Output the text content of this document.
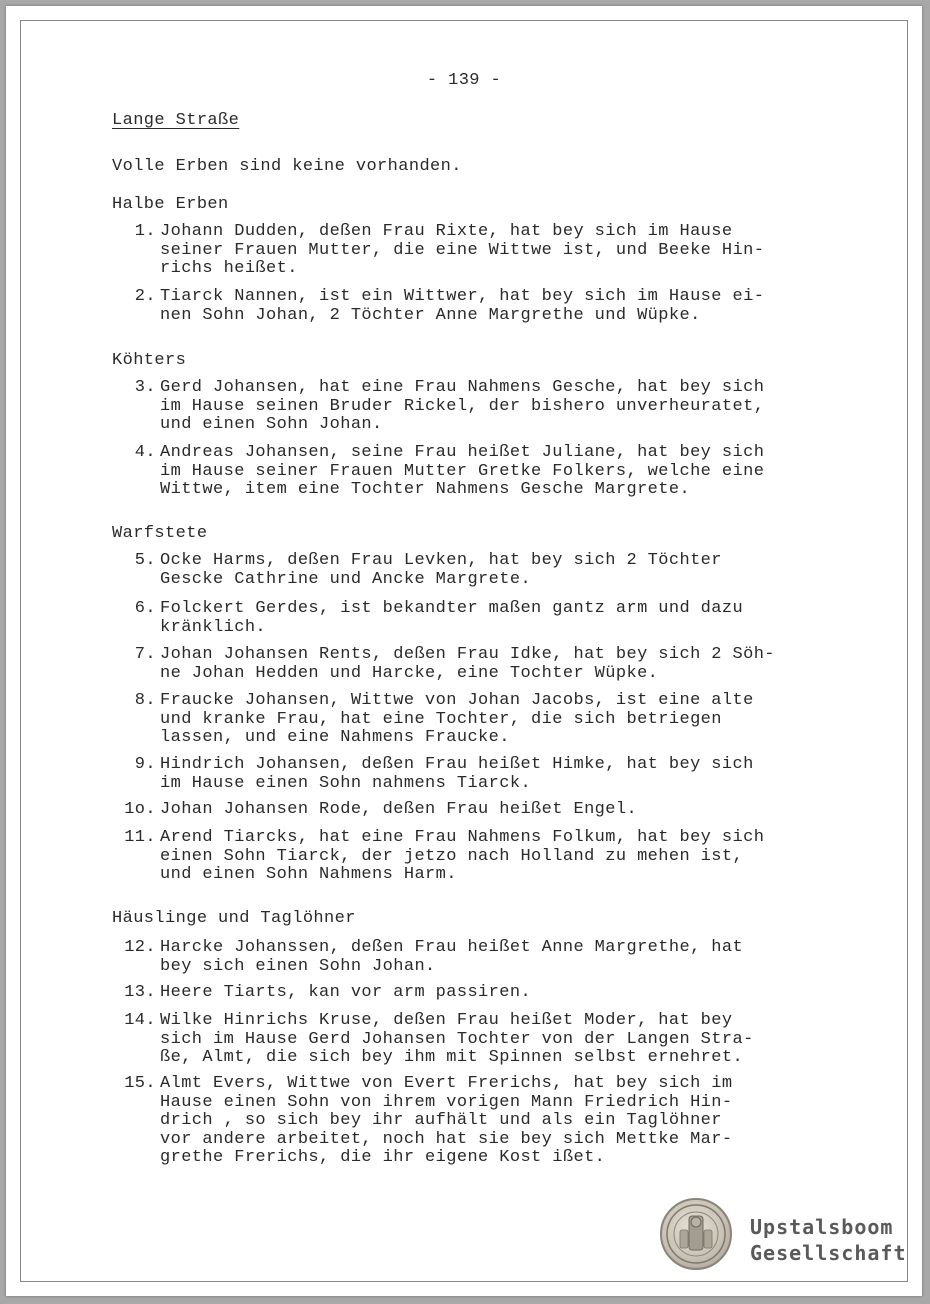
- 139 -
Lange Straße
Volle Erben sind keine vorhanden.
Halbe Erben
1. Johann Dudden, deßen Frau Rixte, hat bey sich im Hause
seiner Frauen Mutter, die eine Wittwe ist, und Beeke Hin-
richs heißet.
2. Tiarck Nannen, ist ein Wittwer, hat bey sich im Hause ei-
nen Sohn Johan, 2 Töchter Anne Margrethe und Wüpke.
Köhters
3. Gerd Johansen, hat eine Frau Nahmens Gesche, hat bey sich
im Hause seinen Bruder Rickel, der bishero unverheuratet,
und einen Sohn Johan.
4. Andreas Johansen, seine Frau heißet Juliane, hat bey sich
im Hause seiner Frauen Mutter Gretke Folkers, welche eine
Wittwe, item eine Tochter Nahmens Gesche Margrete.
Warfstete
5. Ocke Harms, deßen Frau Levken, hat bey sich 2 Töchter
Gescke Cathrine und Ancke Margrete.
6. Folckert Gerdes, ist bekandter maßen gantz arm und dazu
kränklich.
7. Johan Johansen Rents, deßen Frau Idke, hat bey sich 2 Söh-
ne Johan Hedden und Harcke, eine Tochter Wüpke.
8. Fraucke Johansen, Wittwe von Johan Jacobs, ist eine alte
und kranke Frau, hat eine Tochter, die sich betriegen
lassen, und eine Nahmens Fraucke.
9. Hindrich Johansen, deßen Frau heißet Himke, hat bey sich
im Hause einen Sohn nahmens Tiarck.
1o. Johan Johansen Rode, deßen Frau heißet Engel.
11. Arend Tiarcks, hat eine Frau Nahmens Folkum, hat bey sich
einen Sohn Tiarck, der jetzo nach Holland zu mehen ist,
und einen Sohn Nahmens Harm.
Häuslinge und Taglöhner
12. Harcke Johanssen, deßen Frau heißet Anne Margrethe, hat
bey sich einen Sohn Johan.
13. Heere Tiarts, kan vor arm passiren.
14. Wilke Hinrichs Kruse, deßen Frau heißet Moder, hat bey
sich im Hause Gerd Johansen Tochter von der Langen Stra-
ße, Almt, die sich bey ihm mit Spinnen selbst ernehret.
15. Almt Evers, Wittwe von Evert Frerichs, hat bey sich im
Hause einen Sohn von ihrem vorigen Mann Friedrich Hin-
drich , so sich bey ihr aufhält und als ein Taglöhner
vor andere arbeitet, noch hat sie bey sich Mettke Mar-
grethe Frerichs, die ihr eigene Kost ißet.
Upstalsboom
Gesellschaft
